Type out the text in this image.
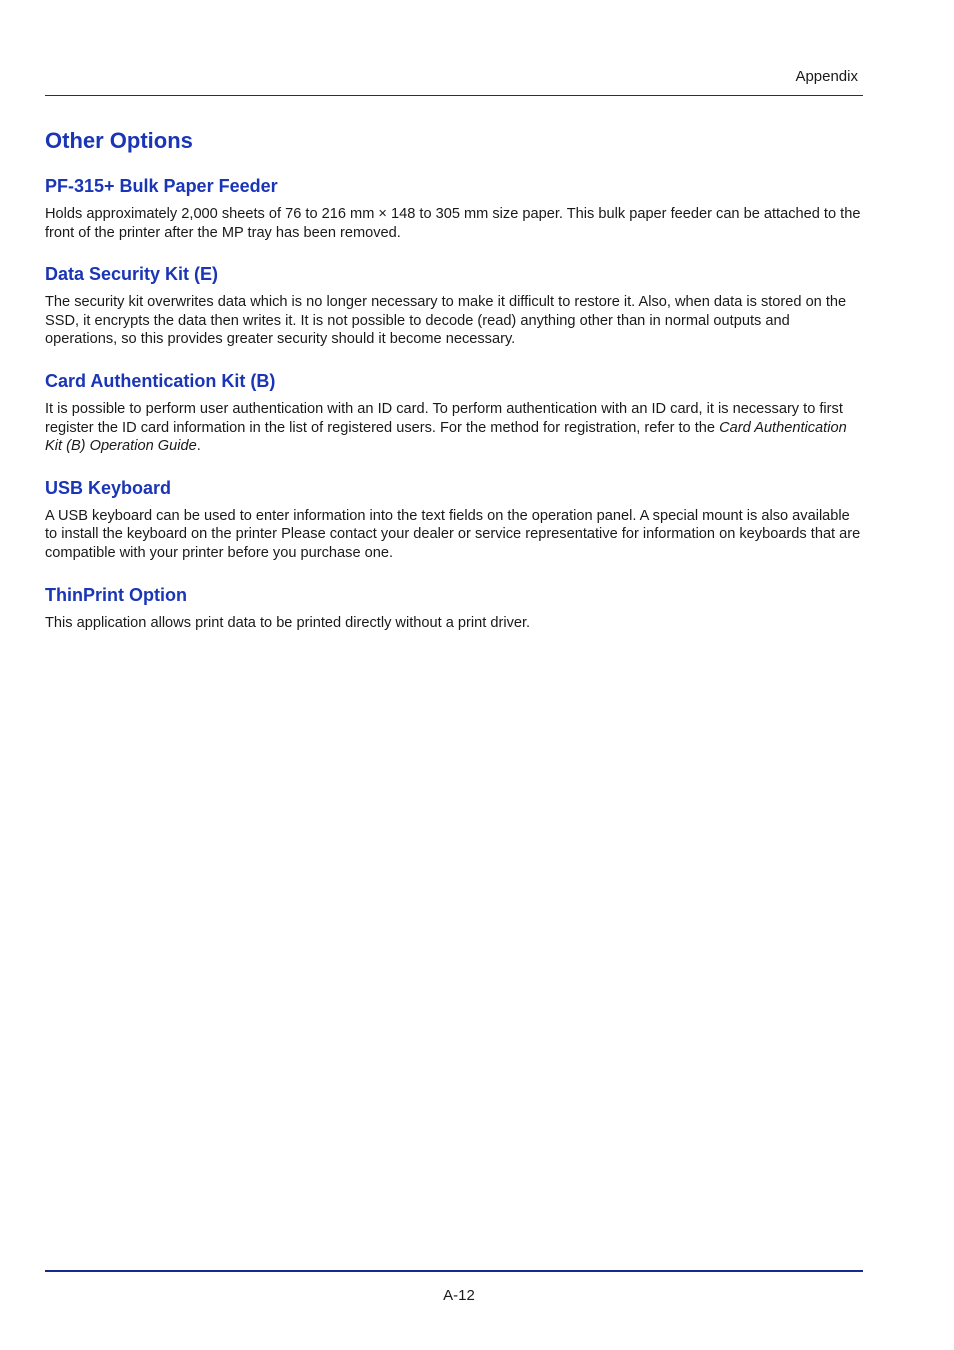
Appendix
Other Options
PF-315+ Bulk Paper Feeder

Holds approximately 2,000 sheets of 76 to 216 mm × 148 to 305 mm size paper. This bulk paper feeder can be attached to the front of the printer after the MP tray has been removed.

Data Security Kit (E)

The security kit overwrites data which is no longer necessary to make it difficult to restore it. Also, when data is stored on the SSD, it encrypts the data then writes it. It is not possible to decode (read) anything other than in normal outputs and operations, so this provides greater security should it become necessary.

Card Authentication Kit (B)

It is possible to perform user authentication with an ID card. To perform authentication with an ID card, it is necessary to first register the ID card information in the list of registered users. For the method for registration, refer to the Card Authentication Kit (B) Operation Guide.

USB Keyboard

A USB keyboard can be used to enter information into the text fields on the operation panel. A special mount is also available to install the keyboard on the printer Please contact your dealer or service representative for information on keyboards that are compatible with your printer before you purchase one.

ThinPrint Option

This application allows print data to be printed directly without a print driver.

A-12
